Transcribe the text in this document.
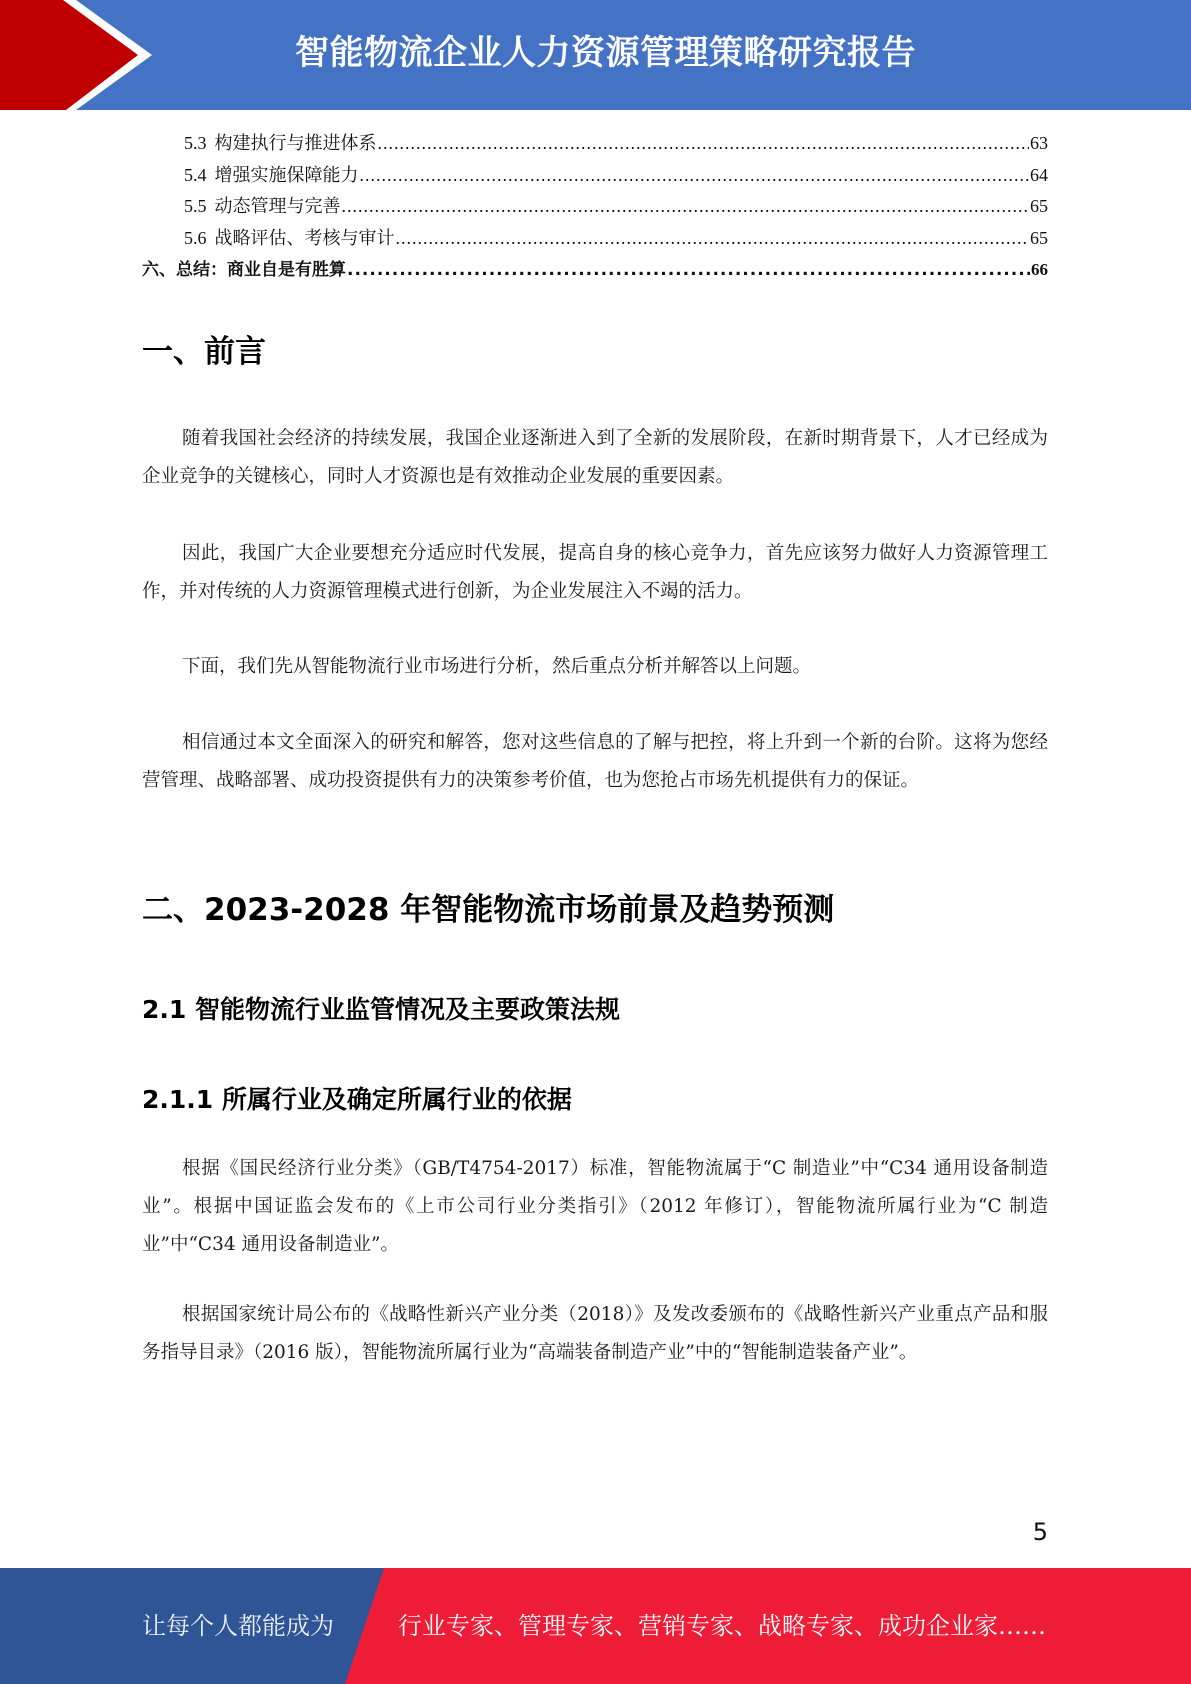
智能物流企业人力资源管理策略研究报告
5.3 构建执行与推进体系 .....	63
5.4 增强实施保障能力 .....	64
5.5 动态管理与完善 .....	65
5.6 战略评估、考核与审计 .....	65
六、总结：商业自是有胜算 .....	66
一、前言

随着我国社会经济的持续发展，我国企业逐渐进入到了全新的发展阶段，在新时期背景下，人才已经成为企业竞争的关键核心，同时人才资源也是有效推动企业发展的重要因素。

因此，我国广大企业要想充分适应时代发展，提高自身的核心竞争力，首先应该努力做好人力资源管理工作，并对传统的人力资源管理模式进行创新，为企业发展注入不竭的活力。

下面，我们先从智能物流行业市场进行分析，然后重点分析并解答以上问题。

相信通过本文全面深入的研究和解答，您对这些信息的了解与把控，将上升到一个新的台阶。这将为您经营管理、战略部署、成功投资提供有力的决策参考价值，也为您抢占市场先机提供有力的保证。

二、2023-2028 年智能物流市场前景及趋势预测
2.1 智能物流行业监管情况及主要政策法规
2.1.1 所属行业及确定所属行业的依据

根据《国民经济行业分类》（GB/T4754-2017）标准，智能物流属于“C 制造业”中“C34 通用设备制造业”。根据中国证监会发布的《上市公司行业分类指引》（2012 年修订），智能物流所属行业为“C 制造业”中“C34 通用设备制造业”。

根据国家统计局公布的《战略性新兴产业分类（2018）》及发改委颁布的《战略性新兴产业重点产品和服务指导目录》（2016 版），智能物流所属行业为“高端装备制造产业”中的“智能制造装备产业”。

5
让每个人都能成为	行业专家、管理专家、营销专家、战略专家、成功企业家……
